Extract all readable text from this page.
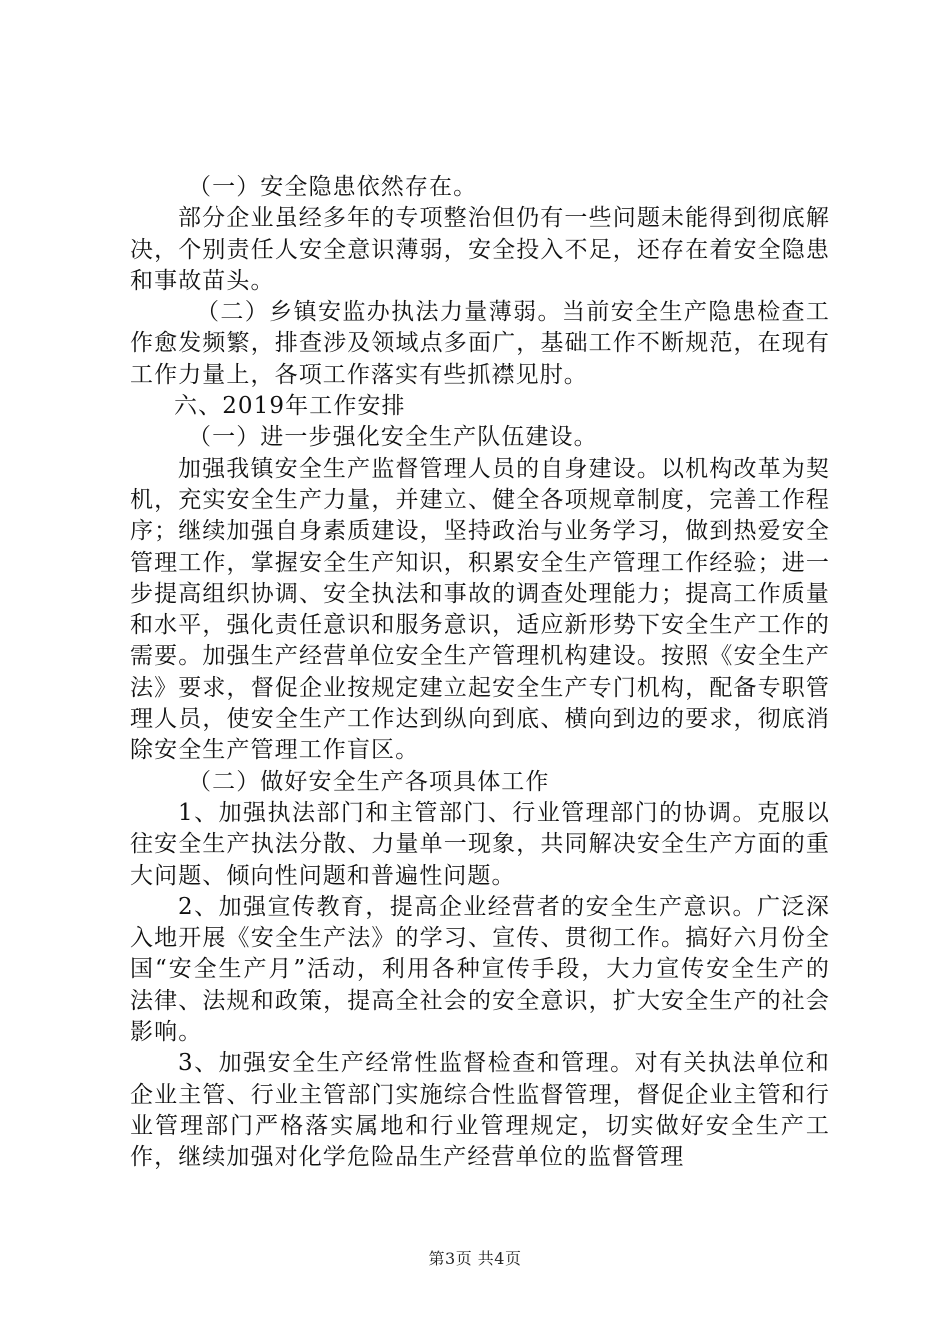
（一）安全隐患依然存在。

部分企业虽经多年的专项整治但仍有一些问题未能得到彻底解决，个别责任人安全意识薄弱，安全投入不足，还存在着安全隐患和事故苗头。

（二）乡镇安监办执法力量薄弱。当前安全生产隐患检查工作愈发频繁，排查涉及领域点多面广，基础工作不断规范，在现有工作力量上，各项工作落实有些抓襟见肘。

六、2019年工作安排

（一）进一步强化安全生产队伍建设。

加强我镇安全生产监督管理人员的自身建设。以机构改革为契机，充实安全生产力量，并建立、健全各项规章制度，完善工作程序；继续加强自身素质建设，坚持政治与业务学习，做到热爱安全管理工作，掌握安全生产知识，积累安全生产管理工作经验；进一步提高组织协调、安全执法和事故的调查处理能力；提高工作质量和水平，强化责任意识和服务意识，适应新形势下安全生产工作的需要。加强生产经营单位安全生产管理机构建设。按照《安全生产法》要求，督促企业按规定建立起安全生产专门机构，配备专职管理人员，使安全生产工作达到纵向到底、横向到边的要求，彻底消除安全生产管理工作盲区。

（二）做好安全生产各项具体工作

1、加强执法部门和主管部门、行业管理部门的协调。克服以往安全生产执法分散、力量单一现象，共同解决安全生产方面的重大问题、倾向性问题和普遍性问题。

2、加强宣传教育，提高企业经营者的安全生产意识。广泛深入地开展《安全生产法》的学习、宣传、贯彻工作。搞好六月份全国“安全生产月”活动，利用各种宣传手段，大力宣传安全生产的法律、法规和政策，提高全社会的安全意识，扩大安全生产的社会影响。

3、加强安全生产经常性监督检查和管理。对有关执法单位和企业主管、行业主管部门实施综合性监督管理，督促企业主管和行业管理部门严格落实属地和行业管理规定，切实做好安全生产工作，继续加强对化学危险品生产经营单位的监督管理

第3页 共4页
